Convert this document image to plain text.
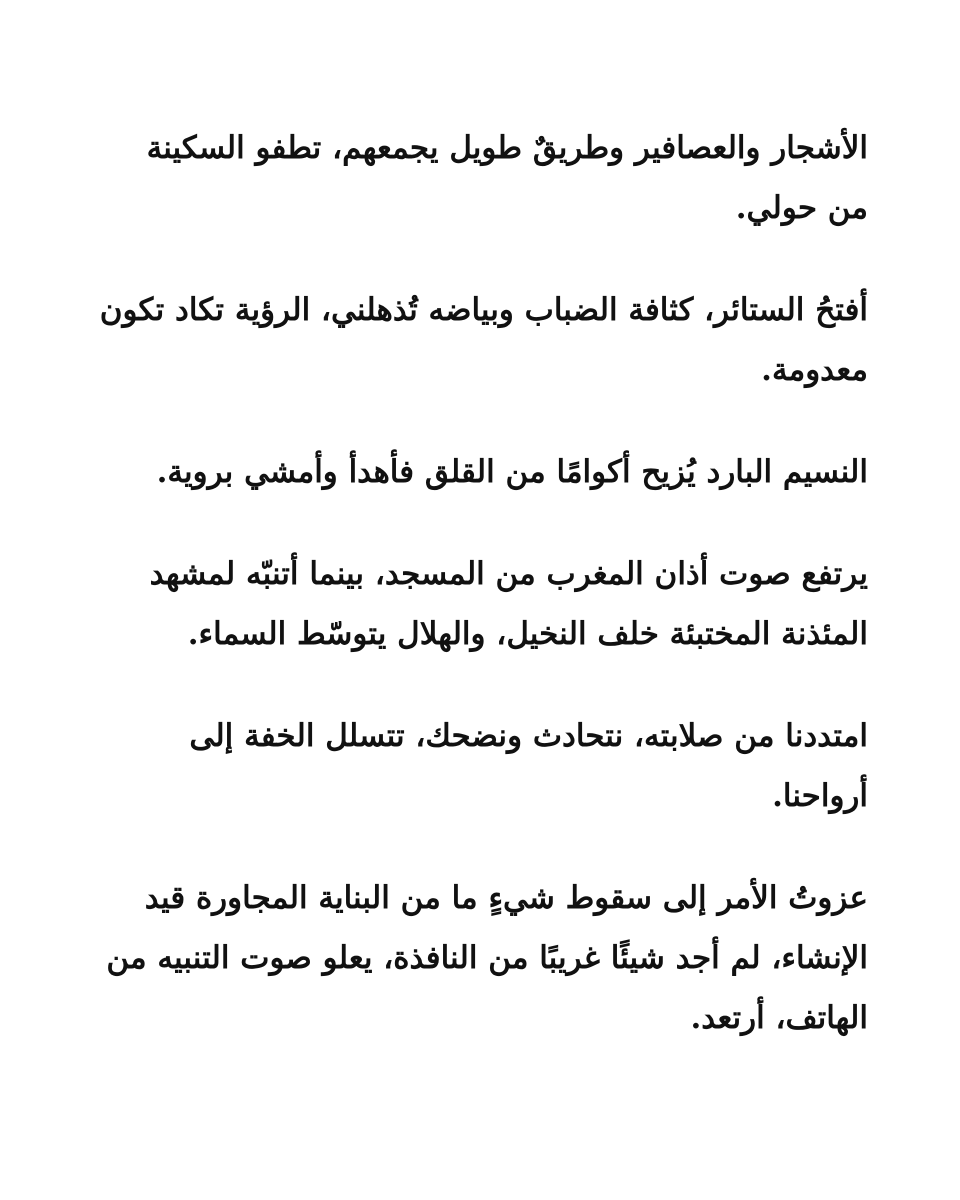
الأشجار والعصافير وطريقٌ طويل يجمعهم، تطفو السكينة من حولي.

أفتحُ الستائر، كثافة الضباب وبياضه تُذهلني، الرؤية تكاد تكون معدومة.

النسيم البارد يُزيح أكوامًا من القلق فأهدأ وأمشي بروية.

يرتفع صوت أذان المغرب من المسجد، بينما أتنبّه لمشهد المئذنة المختبئة خلف النخيل، والهلال يتوسّط السماء.

امتددنا من صلابته، نتحادث ونضحك، تتسلل الخفة إلى أرواحنا.

عزوتُ الأمر إلى سقوط شيءٍ ما من البناية المجاورة قيد الإنشاء، لم أجد شيئًا غريبًا من النافذة، يعلو صوت التنبيه من الهاتف، أرتعد.
